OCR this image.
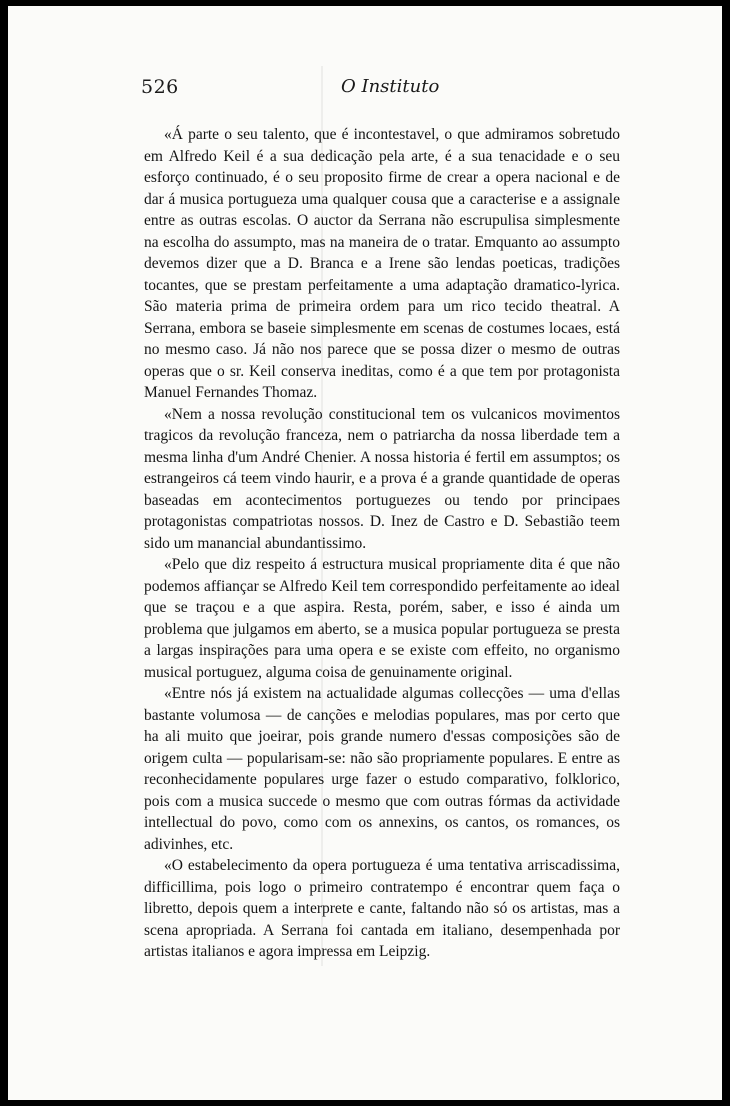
526	O Instituto

«Á parte o seu talento, que é incontestavel, o que admiramos sobretudo em Alfredo Keil é a sua dedicação pela arte, é a sua tenacidade e o seu esforço continuado, é o seu proposito firme de crear a opera nacional e de dar á musica portugueza uma qualquer cousa que a caracterise e a assignale entre as outras escolas. O auctor da Serrana não escrupulisa simplesmente na escolha do assumpto, mas na maneira de o tratar. Emquanto ao assumpto devemos dizer que a D. Branca e a Irene são lendas poeticas, tradições tocantes, que se prestam perfeitamente a uma adaptação dramatico-lyrica. São materia prima de primeira ordem para um rico tecido theatral. A Serrana, embora se baseie simplesmente em scenas de costumes locaes, está no mesmo caso. Já não nos parece que se possa dizer o mesmo de outras operas que o sr. Keil conserva ineditas, como é a que tem por protagonista Manuel Fernandes Thomaz.

«Nem a nossa revolução constitucional tem os vulcanicos movimentos tragicos da revolução franceza, nem o patriarcha da nossa liberdade tem a mesma linha d'um André Chenier. A nossa historia é fertil em assumptos; os estrangeiros cá teem vindo haurir, e a prova é a grande quantidade de operas baseadas em acontecimentos portuguezes ou tendo por principaes protagonistas compatriotas nossos. D. Inez de Castro e D. Sebastião teem sido um manancial abundantissimo.

«Pelo que diz respeito á estructura musical propriamente dita é que não podemos affiançar se Alfredo Keil tem correspondido perfeitamente ao ideal que se traçou e a que aspira. Resta, porém, saber, e isso é ainda um problema que julgamos em aberto, se a musica popular portugueza se presta a largas inspirações para uma opera e se existe com effeito, no organismo musical portuguez, alguma coisa de genuinamente original.

«Entre nós já existem na actualidade algumas collecções — uma d'ellas bastante volumosa — de canções e melodias populares, mas por certo que ha ali muito que joeirar, pois grande numero d'essas composições são de origem culta — popularisam-se: não são propriamente populares. E entre as reconhecidamente populares urge fazer o estudo comparativo, folklorico, pois com a musica succede o mesmo que com outras fórmas da actividade intellectual do povo, como com os annexins, os cantos, os romances, os adivinhes, etc.

«O estabelecimento da opera portugueza é uma tentativa arriscadissima, difficillima, pois logo o primeiro contratempo é encontrar quem faça o libretto, depois quem a interprete e cante, faltando não só os artistas, mas a scena apropriada. A Serrana foi cantada em italiano, desempenhada por artistas italianos e agora impressa em Leipzig.
